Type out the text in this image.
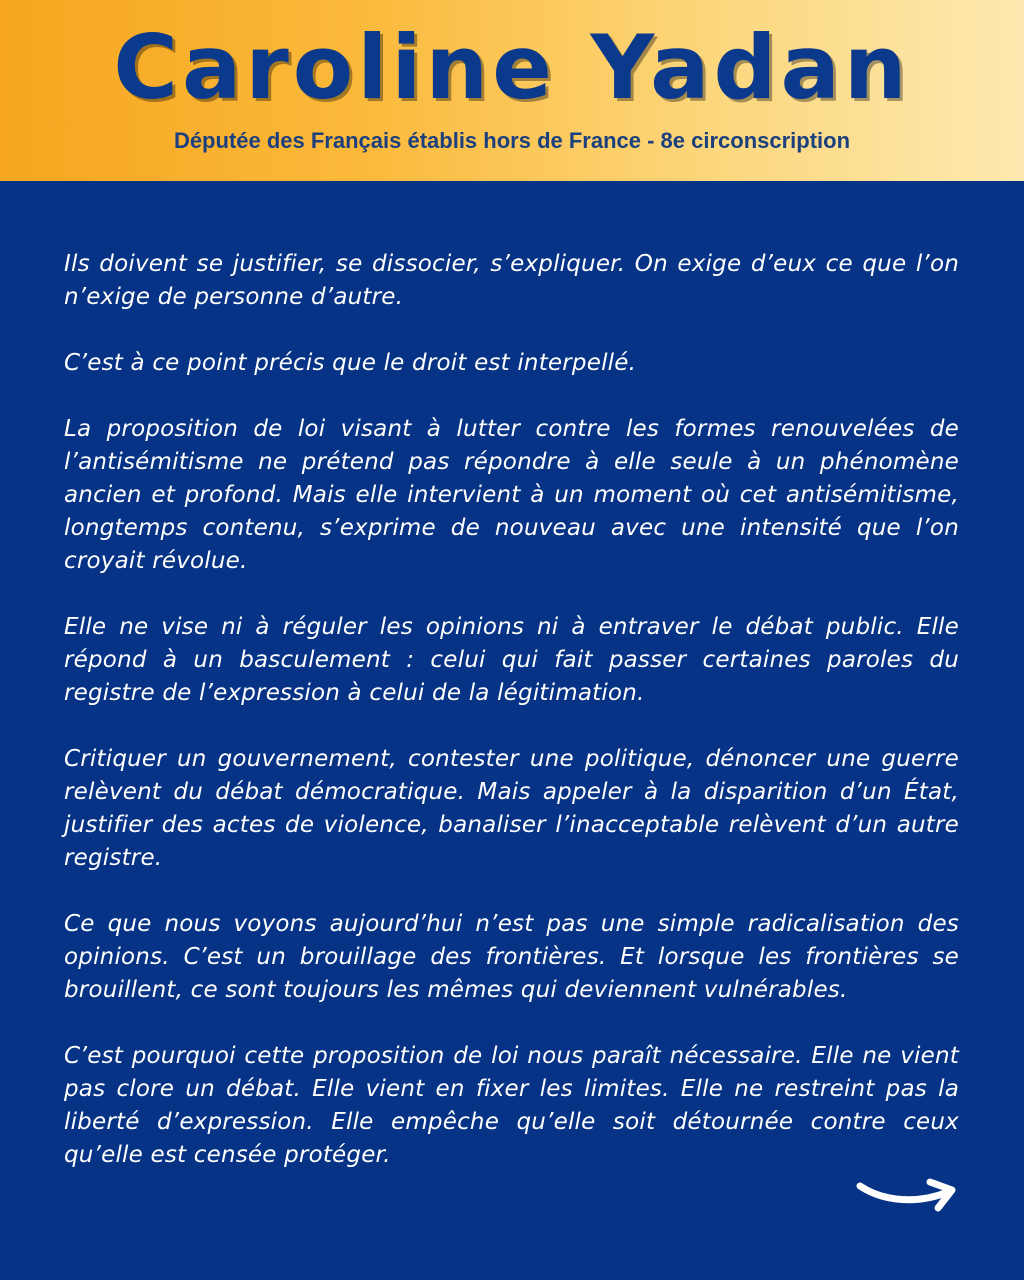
Caroline Yadan
Députée des Français établis hors de France - 8e circonscription

Ils doivent se justifier, se dissocier, s’expliquer. On exige d’eux ce que l’on n’exige de personne d’autre.

C’est à ce point précis que le droit est interpellé.

La proposition de loi visant à lutter contre les formes renouvelées de l’antisémitisme ne prétend pas répondre à elle seule à un phénomène ancien et profond. Mais elle intervient à un moment où cet antisémitisme, longtemps contenu, s’exprime de nouveau avec une intensité que l’on croyait révolue.

Elle ne vise ni à réguler les opinions ni à entraver le débat public. Elle répond à un basculement : celui qui fait passer certaines paroles du registre de l’expression à celui de la légitimation.

Critiquer un gouvernement, contester une politique, dénoncer une guerre relèvent du débat démocratique. Mais appeler à la disparition d’un État, justifier des actes de violence, banaliser l’inacceptable relèvent d’un autre registre.

Ce que nous voyons aujourd’hui n’est pas une simple radicalisation des opinions. C’est un brouillage des frontières. Et lorsque les frontières se brouillent, ce sont toujours les mêmes qui deviennent vulnérables.

C’est pourquoi cette proposition de loi nous paraît nécessaire. Elle ne vient pas clore un débat. Elle vient en fixer les limites. Elle ne restreint pas la liberté d’expression. Elle empêche qu’elle soit détournée contre ceux qu’elle est censée protéger.
